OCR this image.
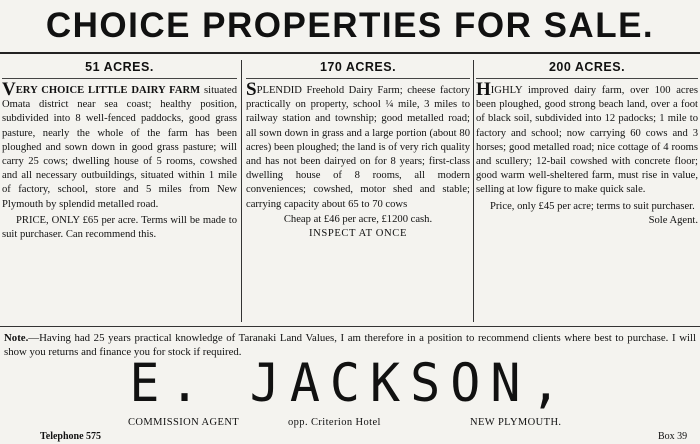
CHOICE PROPERTIES FOR SALE.
51 ACRES.

VERY CHOICE LITTLE DAIRY FARM situated Omata district near sea coast; healthy position, subdivided into 8 well-fenced paddocks, good grass pasture, nearly the whole of the farm has been ploughed and sown down in good grass pasture; will carry 25 cows; dwelling house of 5 rooms, cowshed and all necessary outbuildings, situated within 1 mile of factory, school, store and 5 miles from New Plymouth by splendid metalled road.

PRICE, ONLY £65 per acre. Terms will be made to suit purchaser. Can recommend this.

170 ACRES.

SPLENDID Freehold Dairy Farm; cheese factory practically on property, school ¼ mile, 3 miles to railway station and township; good metalled road; all sown down in grass and a large portion (about 80 acres) been ploughed; the land is of very rich quality and has not been dairyed on for 8 years; first-class dwelling house of 8 rooms, all modern conveniences; cowshed, motor shed and stable; carrying capacity about 65 to 70 cows

Cheap at £46 per acre, £1200 cash.

INSPECT AT ONCE

200 ACRES.

HIGHLY improved dairy farm, over 100 acres been ploughed, good strong beach land, over a foot of black soil, subdivided into 12 padocks; 1 mile to factory and school; now carrying 60 cows and 3 horses; good metalled road; nice cottage of 4 rooms and scullery; 12-bail cowshed with concrete floor; good warm well-sheltered farm, must rise in value, selling at low figure to make quick sale.

Price, only £45 per acre; terms to suit purchaser.
Sole Agent.

Note.—Having had 25 years practical knowledge of Taranaki Land Values, I am therefore in a position to recommend clients where best to purchase. I will show you returns and finance you for stock if required.
E. JACKSON,
COMMISSION AGENT	opp. Criterion Hotel	NEW PLYMOUTH.
Telephone 575	Box 39
